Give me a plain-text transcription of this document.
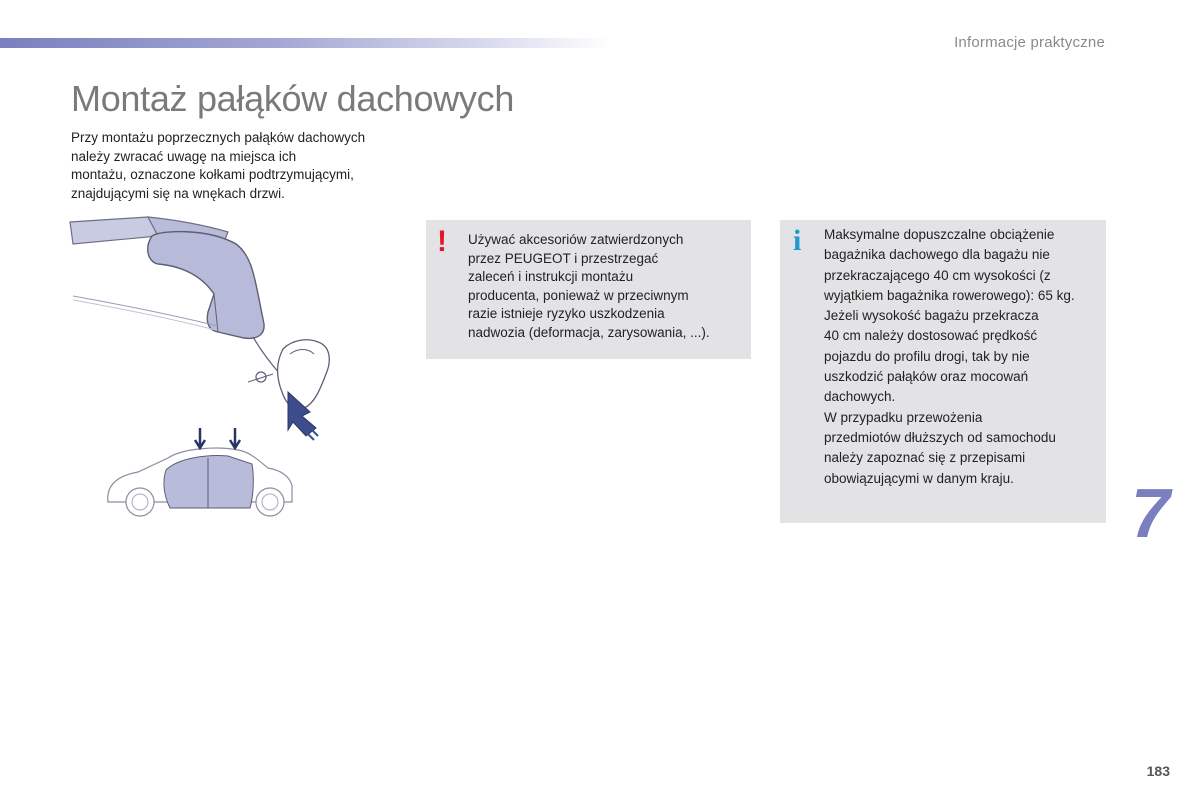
Informacje praktyczne
Montaż pałąków dachowych

Przy montażu poprzecznych pałąków dachowych
należy zwracać uwagę na miejsca ich
montażu, oznaczone kołkami podtrzymującymi,
znajdującymi się na wnękach drzwi.

! Używać akcesoriów zatwierdzonych
przez PEUGEOT i przestrzegać
zaleceń i instrukcji montażu
producenta, ponieważ w przeciwnym
razie istnieje ryzyko uszkodzenia
nadwozia (deformacja, zarysowania, ...).
i Maksymalne dopuszczalne obciążenie
bagażnika dachowego dla bagażu nie
przekraczającego 40 cm wysokości (z
wyjątkiem bagażnika rowerowego): 65 kg.
Jeżeli wysokość bagażu przekracza
40 cm należy dostosować prędkość
pojazdu do profilu drogi, tak by nie
uszkodzić pałąków oraz mocowań
dachowych.
W przypadku przewożenia
przedmiotów dłuższych od samochodu
należy zapoznać się z przepisami
obowiązującymi w danym kraju.	7
183
